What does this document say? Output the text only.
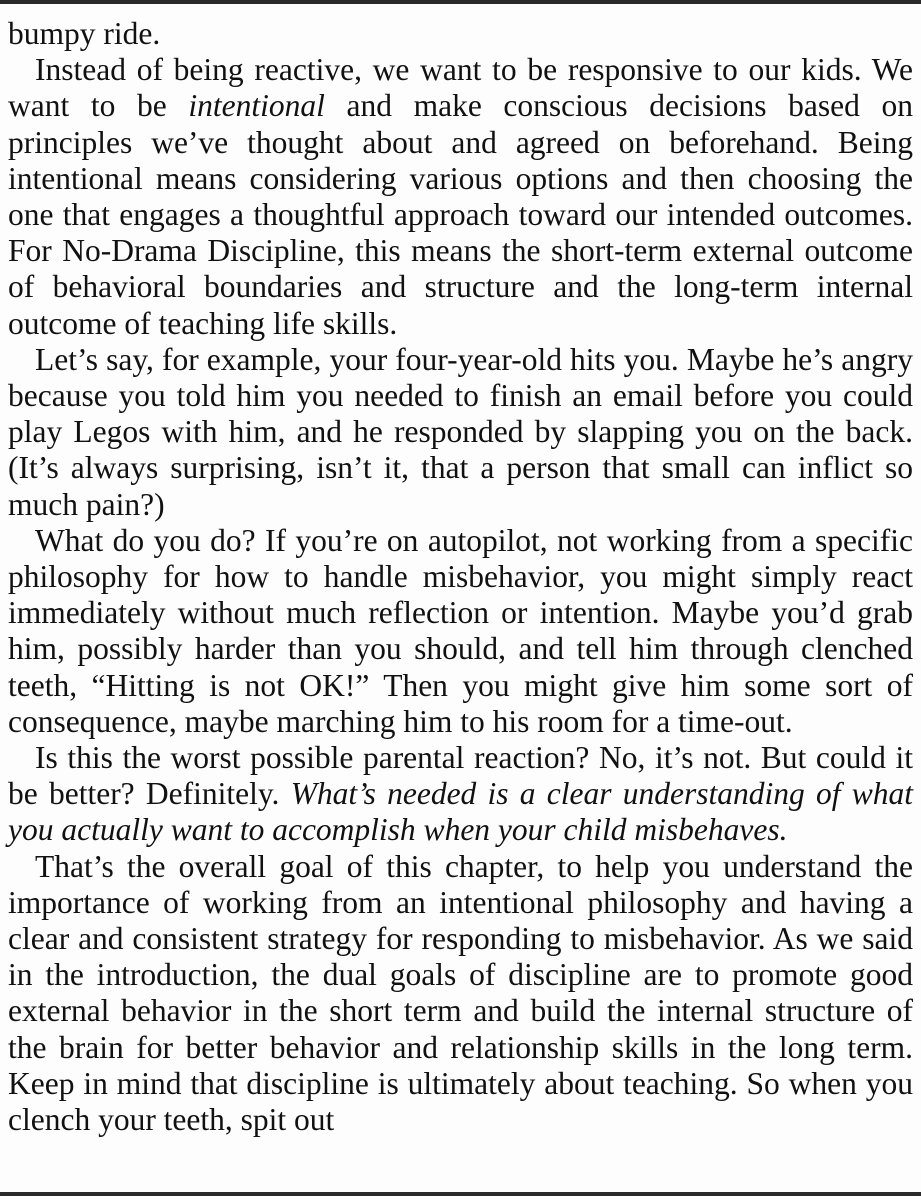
bumpy ride.

Instead of being reactive, we want to be responsive to our kids. We want to be intentional and make conscious decisions based on principles we’ve thought about and agreed on beforehand. Being intentional means considering various options and then choosing the one that engages a thoughtful approach toward our intended outcomes. For No-Drama Discipline, this means the short-term external outcome of behavioral boundaries and structure and the long-term internal outcome of teaching life skills.

Let’s say, for example, your four-year-old hits you. Maybe he’s angry because you told him you needed to finish an email before you could play Legos with him, and he responded by slapping you on the back. (It’s always surprising, isn’t it, that a person that small can inflict so much pain?)

What do you do? If you’re on autopilot, not working from a specific philosophy for how to handle misbehavior, you might simply react immediately without much reflection or intention. Maybe you’d grab him, possibly harder than you should, and tell him through clenched teeth, “Hitting is not OK!” Then you might give him some sort of consequence, maybe marching him to his room for a time-out.

Is this the worst possible parental reaction? No, it’s not. But could it be better? Definitely. What’s needed is a clear understanding of what you actually want to accomplish when your child misbehaves.

That’s the overall goal of this chapter, to help you understand the importance of working from an intentional philosophy and having a clear and consistent strategy for responding to misbehavior. As we said in the introduction, the dual goals of discipline are to promote good external behavior in the short term and build the internal structure of the brain for better behavior and relationship skills in the long term. Keep in mind that discipline is ultimately about teaching. So when you clench your teeth, spit out
